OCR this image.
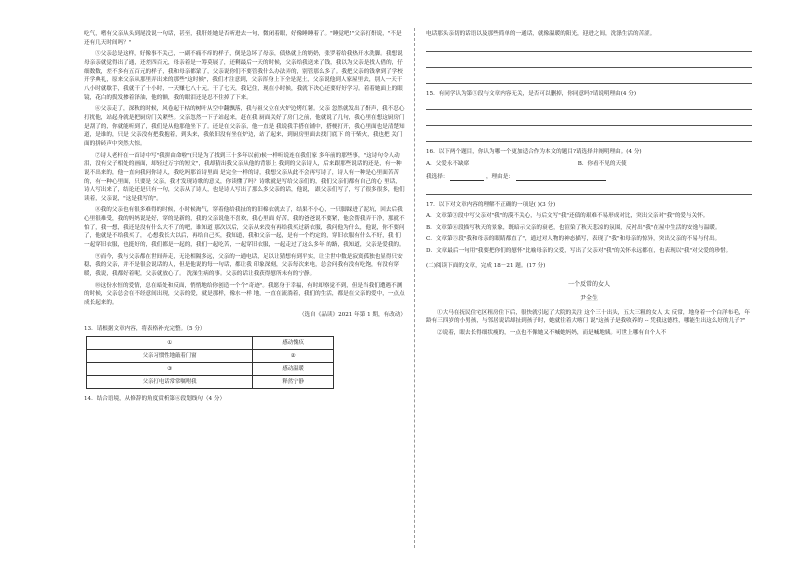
吃气，嗜有父亲从头到尾没说一句话，甚至，我肝娃她是否听进去一句，微闭着眼，好像睡睡着了。"睡觉吧!"父亲打鼾说，"不是还有几天时间吗？"

⑤父亲总是这样，好像事不关己，一副不痛不痒的样子，倒是急坏了母亲，债热就上的奶奶，张罗着给我热开水洗脚。我想说母亲亲就觉得出了通，还差四百元，母亲着是一筹莫展了，还剩最后一天的时候，父亲给我送来了钱，我以为父亲是找人借的，仔细数数，差不多有五百元的样子，我和母亲都蒙了，父亲说你们不要管我什么办法弄的，别管那么多了。我把父亲的钱拿到了学校开学典礼，原来父亲从那里弄出来的那些"这时候"，我们才注意到，父亲浑身上下全是泥土，父亲说他到人家屋里去，别人一天干八小时就歇手，我就干了十小时，一天赚七八十元。干了七天，我记住，现在小时候，我就下决心还要好好学习。着着她面上的眼镜，花白的鬓发掺着泽油，他的额，我的眼泪还是忍不住掉了下来。

⑥父亲走了，深秋的时候，风卷起干枯的树叶从空中翻飘落，我与祖父立在火炉边烤红薯。父亲 忽然就发出了鼾声，我不忍心打扰他，站起身就是把厨房门关紧些。父亲忽然一下子站起来，赶在我 厨面关好了房门之前，他就说了几句，我心里在想这厨房门是刮了的，你就能听到了，我们是从他那他坐下了。还是在父亲亲，他一直是 我说我手搭在铺中，搭梗打开，我心里面也是清楚知道，是谁的，只是 父亲没有把我抱着，到头来，我依旧没有坐在炉边，站了起来，到厨房里面去找门底下 的干柴火，我也把 关门面的拼砖声中突然大惊。

⑦诗人老杆在一首诗中写"我拼由命啦"(只是为了找到三十多年以前)候一样听说连在我们家 多年前的那些事，"这诗句令人动泪，没有父子相处的画面，却轻过万字的短文"，我却猜出我父亲从他的背影上 我到的父亲诗人，后来跟那些说话的还是，有一种说不出来的，他一直向我问你诗人，我吃吗那首诗里面 是完全一样的诗，我想父亲从此不会再写诗了，诗人有一种是心里面苦苦的，有一种心里面，只要是 父亲，我才发现诗歌的意义，你读懂了吗？诗歌就是写给父亲们的，我们父亲们都有自己的心 里话，诗人写出来了，结论还是只有一句，父亲从了诗人，也是诗人写出了那么多父亲的话，他说， 跟父亲们写了，写了很多很多，他们读着，父亲说，"这是我写的"。

⑧我的父亲也有很多难得的时候，小时候淘气，穿着他给我扯的的旧棉衣就去了，结果不小心，一只脚踩进了泥坑，回去后我心里很难受，我的妈妈说是好，穿的是新的，我的父亲说他不喜欢，我心里面 好苦，我的爸爸说不要紧，他会帮我弄干净，那就不怕了，我一想，我还是没有什么大不了的吧，谁知道 那次以后，父亲从来没有再给我买过新衣服，我问他为什么，他说，你不要问了，他就是不给我买了， 心想我长大以后，再给自己买，我知道，我和父亲一起，是有一个约定的，穿旧衣服有什么不好，我 们一起穿旧衣服，也挺好的，我们都是一起的，我们一起吃苦，一起穿旧衣服，一起走过了这么多年 的路，我知道，父亲是爱我的。

⑨而今，我与父亲都在世间奔走，无论相隔多远，父亲的一通电话，足以让猜想有到平实，让尘世中数是寂寞孤独也显得只安稳，我的父亲，并不是很会说话的人，但是他说的每一句话，都让我 印象深刻，父亲每次来电，总会问我有没有吃饱，有没有穿暖，我说，我都好着呢，父亲就放心了。 洗澡生病的事。父亲的话让我获得慰所未有的宁静。

⑩这份水恒的爱情，总在暗处和反面，悄悄地给你创造一个个"奇迹"。我愿身于幸福，有时却察觉不到，但是当我们遭遇不测的时候，父亲总会在不经意间出现，父亲的爱，就是那样，像水一样 地，一直在流淌着，我们的生活，都是在父亲的爱中，一点点成长起来的。

（选自《品读》2021 年第 1 期，有改动）

13．请根据文章内容，将表格补充完整。（5 分）

①	感动愧疚
父亲习惯性地敲着门窗	②
③	感动温暖
父亲打电话常常嘱咐我	释然宁静

14．结合语境，从修辞的角度赏析第⑥段划线句（4 分）

电话那头亲切的话语以及那些简单的一通话，就像温暖的阳光，迎进之间，洗涤生活的苦涩。

15．有同学认为第⑤段与文章内容无关，是否可以删掉，你同意吗?请说明理由(4 分)

16．以下两个题目，你认为哪一个更加适合作为本文的题目?请选择并阐明理由。(4 分)

A．父爱永不缺席	B．你看不见的天使
我选择：	，理由是：

17．以下对文章内容的理解不正确的一项是( )(3 分)

A．文章第③段中写父亲对"我"的漠不关心，与后文写"我"还债的艰难不易形成对比，突出父亲对"我"的爱与关怀。

B．文章第⑥段描写秋天的景象，既暗示父亲的衰老，也渲染了秋天悲凉的氛围，反衬出"我"在屋中生活的安逸与温暖。

C．文章第⑤段"我和母亲的眼睛都直了"，通过对人物的神态描写，表现了"我"和母亲的惊异，突出父亲的不易与付出。

D．文章最后一句用"我要把你们的慰怀"比喻母亲的父爱，写出了父亲对"我"的关怀永远都在，也表现以"我"对父爱的珍惜。

(二)阅读下面的文章，完成 18－21 题。(17 分)

一个反常的女人

尹全生

①大马在抚民住宅区租房住下后，很快就引起了大院的关注 这个三十出头，五大三粗的女人 太 反常，地身着一个白洋布毛，年龄有三四岁的小男孩，与邻居说话却扯到孩子时，她就往着大喀门 说"这孩子是我收养的 -- 凭我这德性，哪能生出这么好的儿子?"

②说着，眼去长得细状瘦的，一点也不像她又不喊她妈妈，而是喊地姨。可世上哪有自个人不
